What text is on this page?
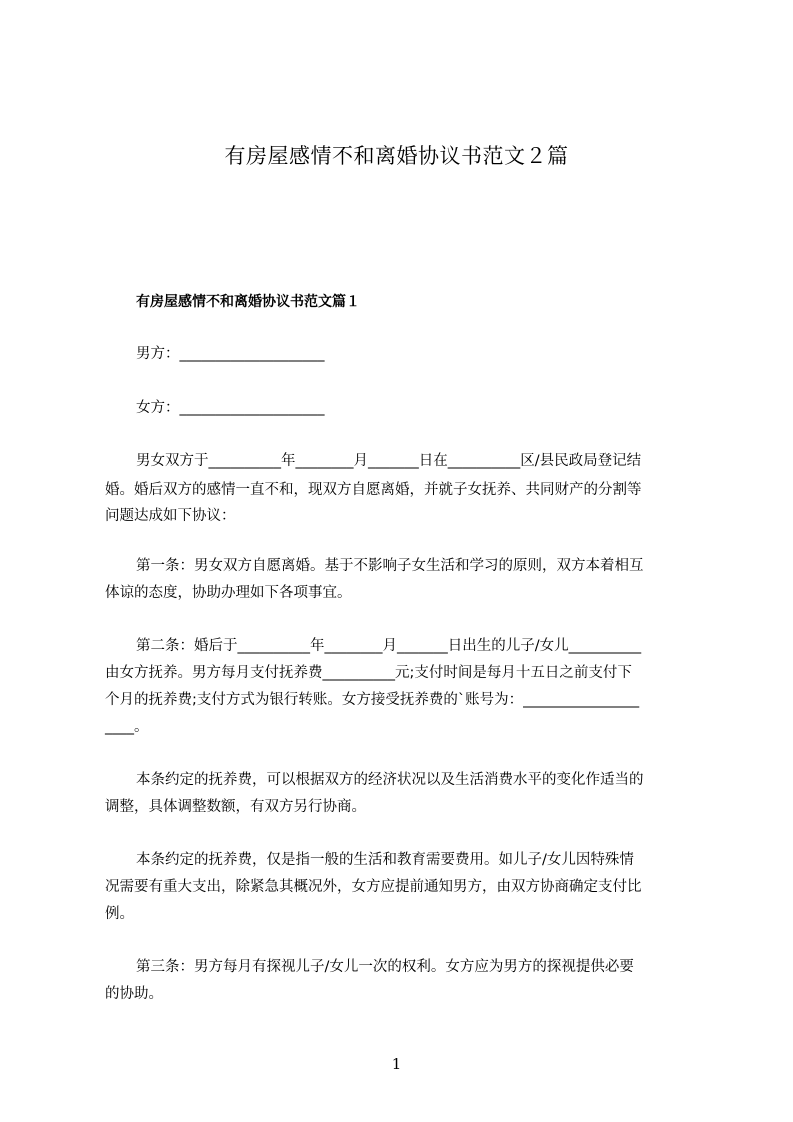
有房屋感情不和离婚协议书范文２篇
有房屋感情不和离婚协议书范文篇１
男方：____________________
女方：____________________
男女双方于__________年________月_______日在__________区/县民政局登记结
婚。婚后双方的感情一直不和，现双方自愿离婚，并就子女抚养、共同财产的分割等
问题达成如下协议：
第一条：男女双方自愿离婚。基于不影响子女生活和学习的原则，双方本着相互
体谅的态度，协助办理如下各项事宜。
第二条：婚后于__________年________月_______日出生的儿子/女儿__________
由女方抚养。男方每月支付抚养费__________元;支付时间是每月十五日之前支付下
个月的抚养费;支付方式为银行转账。女方接受抚养费的`账号为：________________
____。
本条约定的抚养费，可以根据双方的经济状况以及生活消费水平的变化作适当的
调整，具体调整数额，有双方另行协商。
本条约定的抚养费，仅是指一般的生活和教育需要费用。如儿子/女儿因特殊情
况需要有重大支出，除紧急其概况外，女方应提前通知男方，由双方协商确定支付比
例。
第三条：男方每月有探视儿子/女儿一次的权利。女方应为男方的探视提供必要
的协助。
1
